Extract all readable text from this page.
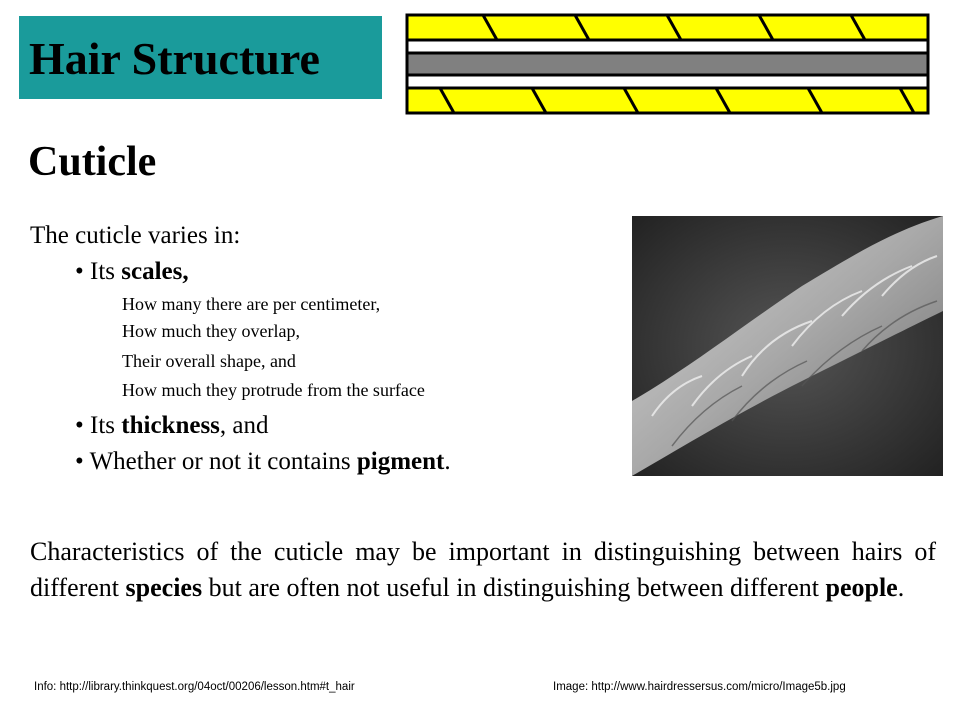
Hair Structure
Cuticle
The cuticle varies in:
• Its scales,
How many there are per centimeter,
How much they overlap,
Their overall shape, and
How much they protrude from the surface
• Its thickness, and
• Whether or not it contains pigment.
Characteristics of the cuticle may be important in distinguishing between hairs of different species but are often not useful in distinguishing between different people.
Info: http://library.thinkquest.org/04oct/00206/lesson.htm#t_hair	Image: http://www.hairdressersus.com/micro/Image5b.jpg
